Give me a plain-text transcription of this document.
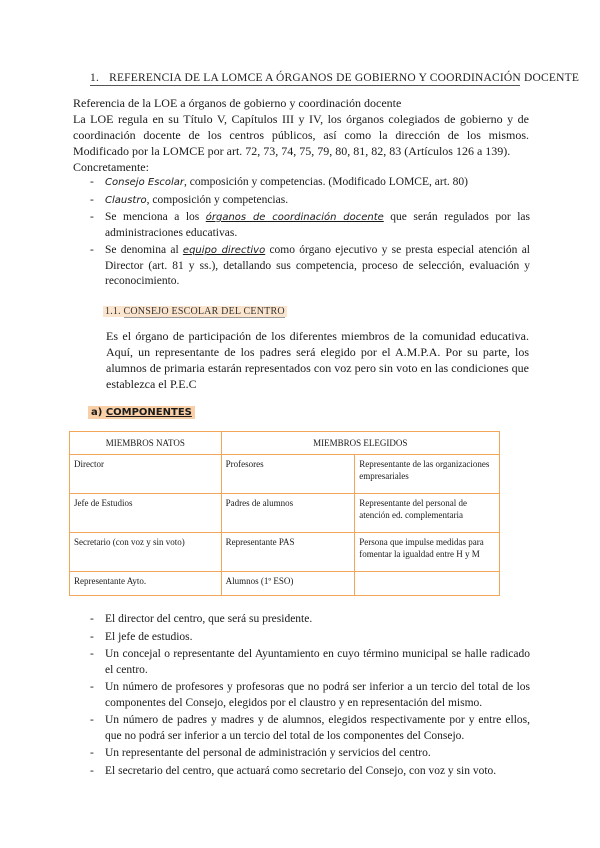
1. REFERENCIA DE LA LOMCE A ÓRGANOS DE GOBIERNO Y COORDINACIÓN DOCENTE

Referencia de la LOE a órganos de gobierno y coordinación docente

La LOE regula en su Título V, Capítulos III y IV, los órganos colegiados de gobierno y de coordinación docente de los centros públicos, así como la dirección de los mismos. Modificado por la LOMCE por art. 72, 73, 74, 75, 79, 80, 81, 82, 83 (Artículos 126 a 139).

Concretamente:

- Consejo Escolar, composición y competencias. (Modificado LOMCE, art. 80)
- Claustro, composición y competencias.
- Se menciona a los órganos de coordinación docente que serán regulados por las administraciones educativas.
- Se denomina al equipo directivo como órgano ejecutivo y se presta especial atención al Director (art. 81 y ss.), detallando sus competencia, proceso de selección, evaluación y reconocimiento.
1.1. CONSEJO ESCOLAR DEL CENTRO

Es el órgano de participación de los diferentes miembros de la comunidad educativa. Aquí, un representante de los padres será elegido por el A.M.P.A. Por su parte, los alumnos de primaria estarán representados con voz pero sin voto en las condiciones que establezca el P.E.C

a) COMPONENTES
MIEMBROS NATOS	MIEMBROS ELEGIDOS	
Director	Profesores	Representante de las organizaciones empresariales
Jefe de Estudios	Padres de alumnos	Representante del personal de atención ed. complementaria
Secretario (con voz y sin voto)	Representante PAS	Persona que impulse medidas para fomentar la igualdad entre H y M
Representante Ayto.	Alumnos (1º ESO)	
- El director del centro, que será su presidente.
- El jefe de estudios.
- Un concejal o representante del Ayuntamiento en cuyo término municipal se halle radicado el centro.
- Un número de profesores y profesoras que no podrá ser inferior a un tercio del total de los componentes del Consejo, elegidos por el claustro y en representación del mismo.
- Un número de padres y madres y de alumnos, elegidos respectivamente por y entre ellos, que no podrá ser inferior a un tercio del total de los componentes del Consejo.
- Un representante del personal de administración y servicios del centro.
- El secretario del centro, que actuará como secretario del Consejo, con voz y sin voto.
